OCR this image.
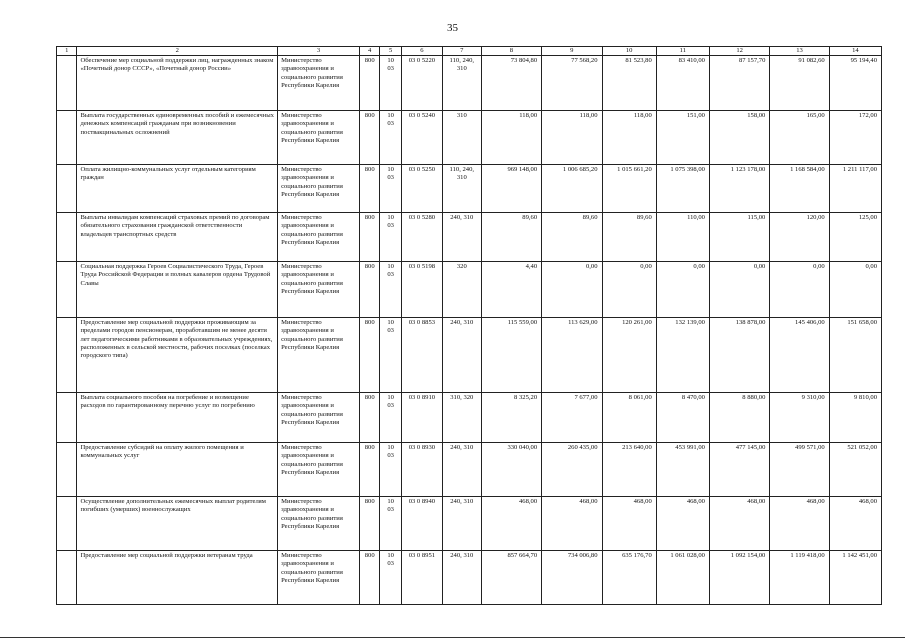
35
1	2	3	4	5	6	7	8	9	10	11	12	13	14
	Обеспечение мер социальной поддержки лиц, награжденных знаком «Почетный донор СССР», «Почетный донор России»	Министерство здравоохранения и социального развития Республики Карелия	800	10 03	03 0 5220	110, 240, 310	73 804,80	77 568,20	81 523,80	83 410,00	87 157,70	91 082,60	95 194,40
	Выплата государственных единовременных пособий и ежемесячных денежных компенсаций гражданам при возникновении поствакцинальных осложнений	Министерство здравоохранения и социального развития Республики Карелия	800	10 03	03 0 5240	310	118,00	118,00	118,00	151,00	158,00	165,00	172,00
	Оплата жилищно-коммунальных услуг отдельным категориям граждан	Министерство здравоохранения и социального развития Республики Карелия	800	10 03	03 0 5250	110, 240, 310	969 148,00	1 006 685,20	1 015 661,20	1 075 398,00	1 123 178,00	1 168 584,00	1 211 117,00
	Выплаты инвалидам компенсаций страховых премий по договорам обязательного страхования гражданской ответственности владельцев транспортных средств	Министерство здравоохранения и социального развития Республики Карелия	800	10 03	03 0 5280	240, 310	89,60	89,60	89,60	110,00	115,00	120,00	125,00
	Социальная поддержка Героев Социалистического Труда, Героев Труда Российской Федерации и полных кавалеров ордена Трудовой Славы	Министерство здравоохранения и социального развития Республики Карелия	800	10 03	03 0 5198	320	4,40	0,00	0,00	0,00	0,00	0,00	0,00
	Предоставление мер социальной поддержки проживающим за пределами городов пенсионерам, проработавшим не менее десяти лет педагогическими работниками в образовательных учреждениях, расположенных в сельской местности, рабочих поселках (поселках городского типа)	Министерство здравоохранения и социального развития Республики Карелия	800	10 03	03 0 8853	240, 310	115 559,00	113 629,00	120 261,00	132 139,00	138 878,00	145 406,00	151 658,00
	Выплата социального пособия на погребение и возмещение расходов по гарантированному перечню услуг по погребению	Министерство здравоохранения и социального развития Республики Карелия	800	10 03	03 0 8910	310, 320	8 325,20	7 677,00	8 061,00	8 470,00	8 880,00	9 310,00	9 810,00
	Предоставление субсидий на оплату жилого помещения и коммунальных услуг	Министерство здравоохранения и социального развития Республики Карелия	800	10 03	03 0 8930	240, 310	330 040,00	260 435,00	213 640,00	453 991,00	477 145,00	499 571,00	521 052,00
	Осуществление дополнительных ежемесячных выплат родителям погибших (умерших) военнослужащих	Министерство здравоохранения и социального развития Республики Карелия	800	10 03	03 0 8940	240, 310	468,00	468,00	468,00	468,00	468,00	468,00	468,00
	Предоставление мер социальной поддержки ветеранам труда	Министерство здравоохранения и социального развития Республики Карелия	800	10 03	03 0 8951	240, 310	857 664,70	734 006,80	635 176,70	1 061 028,00	1 092 154,00	1 119 418,00	1 142 451,00
